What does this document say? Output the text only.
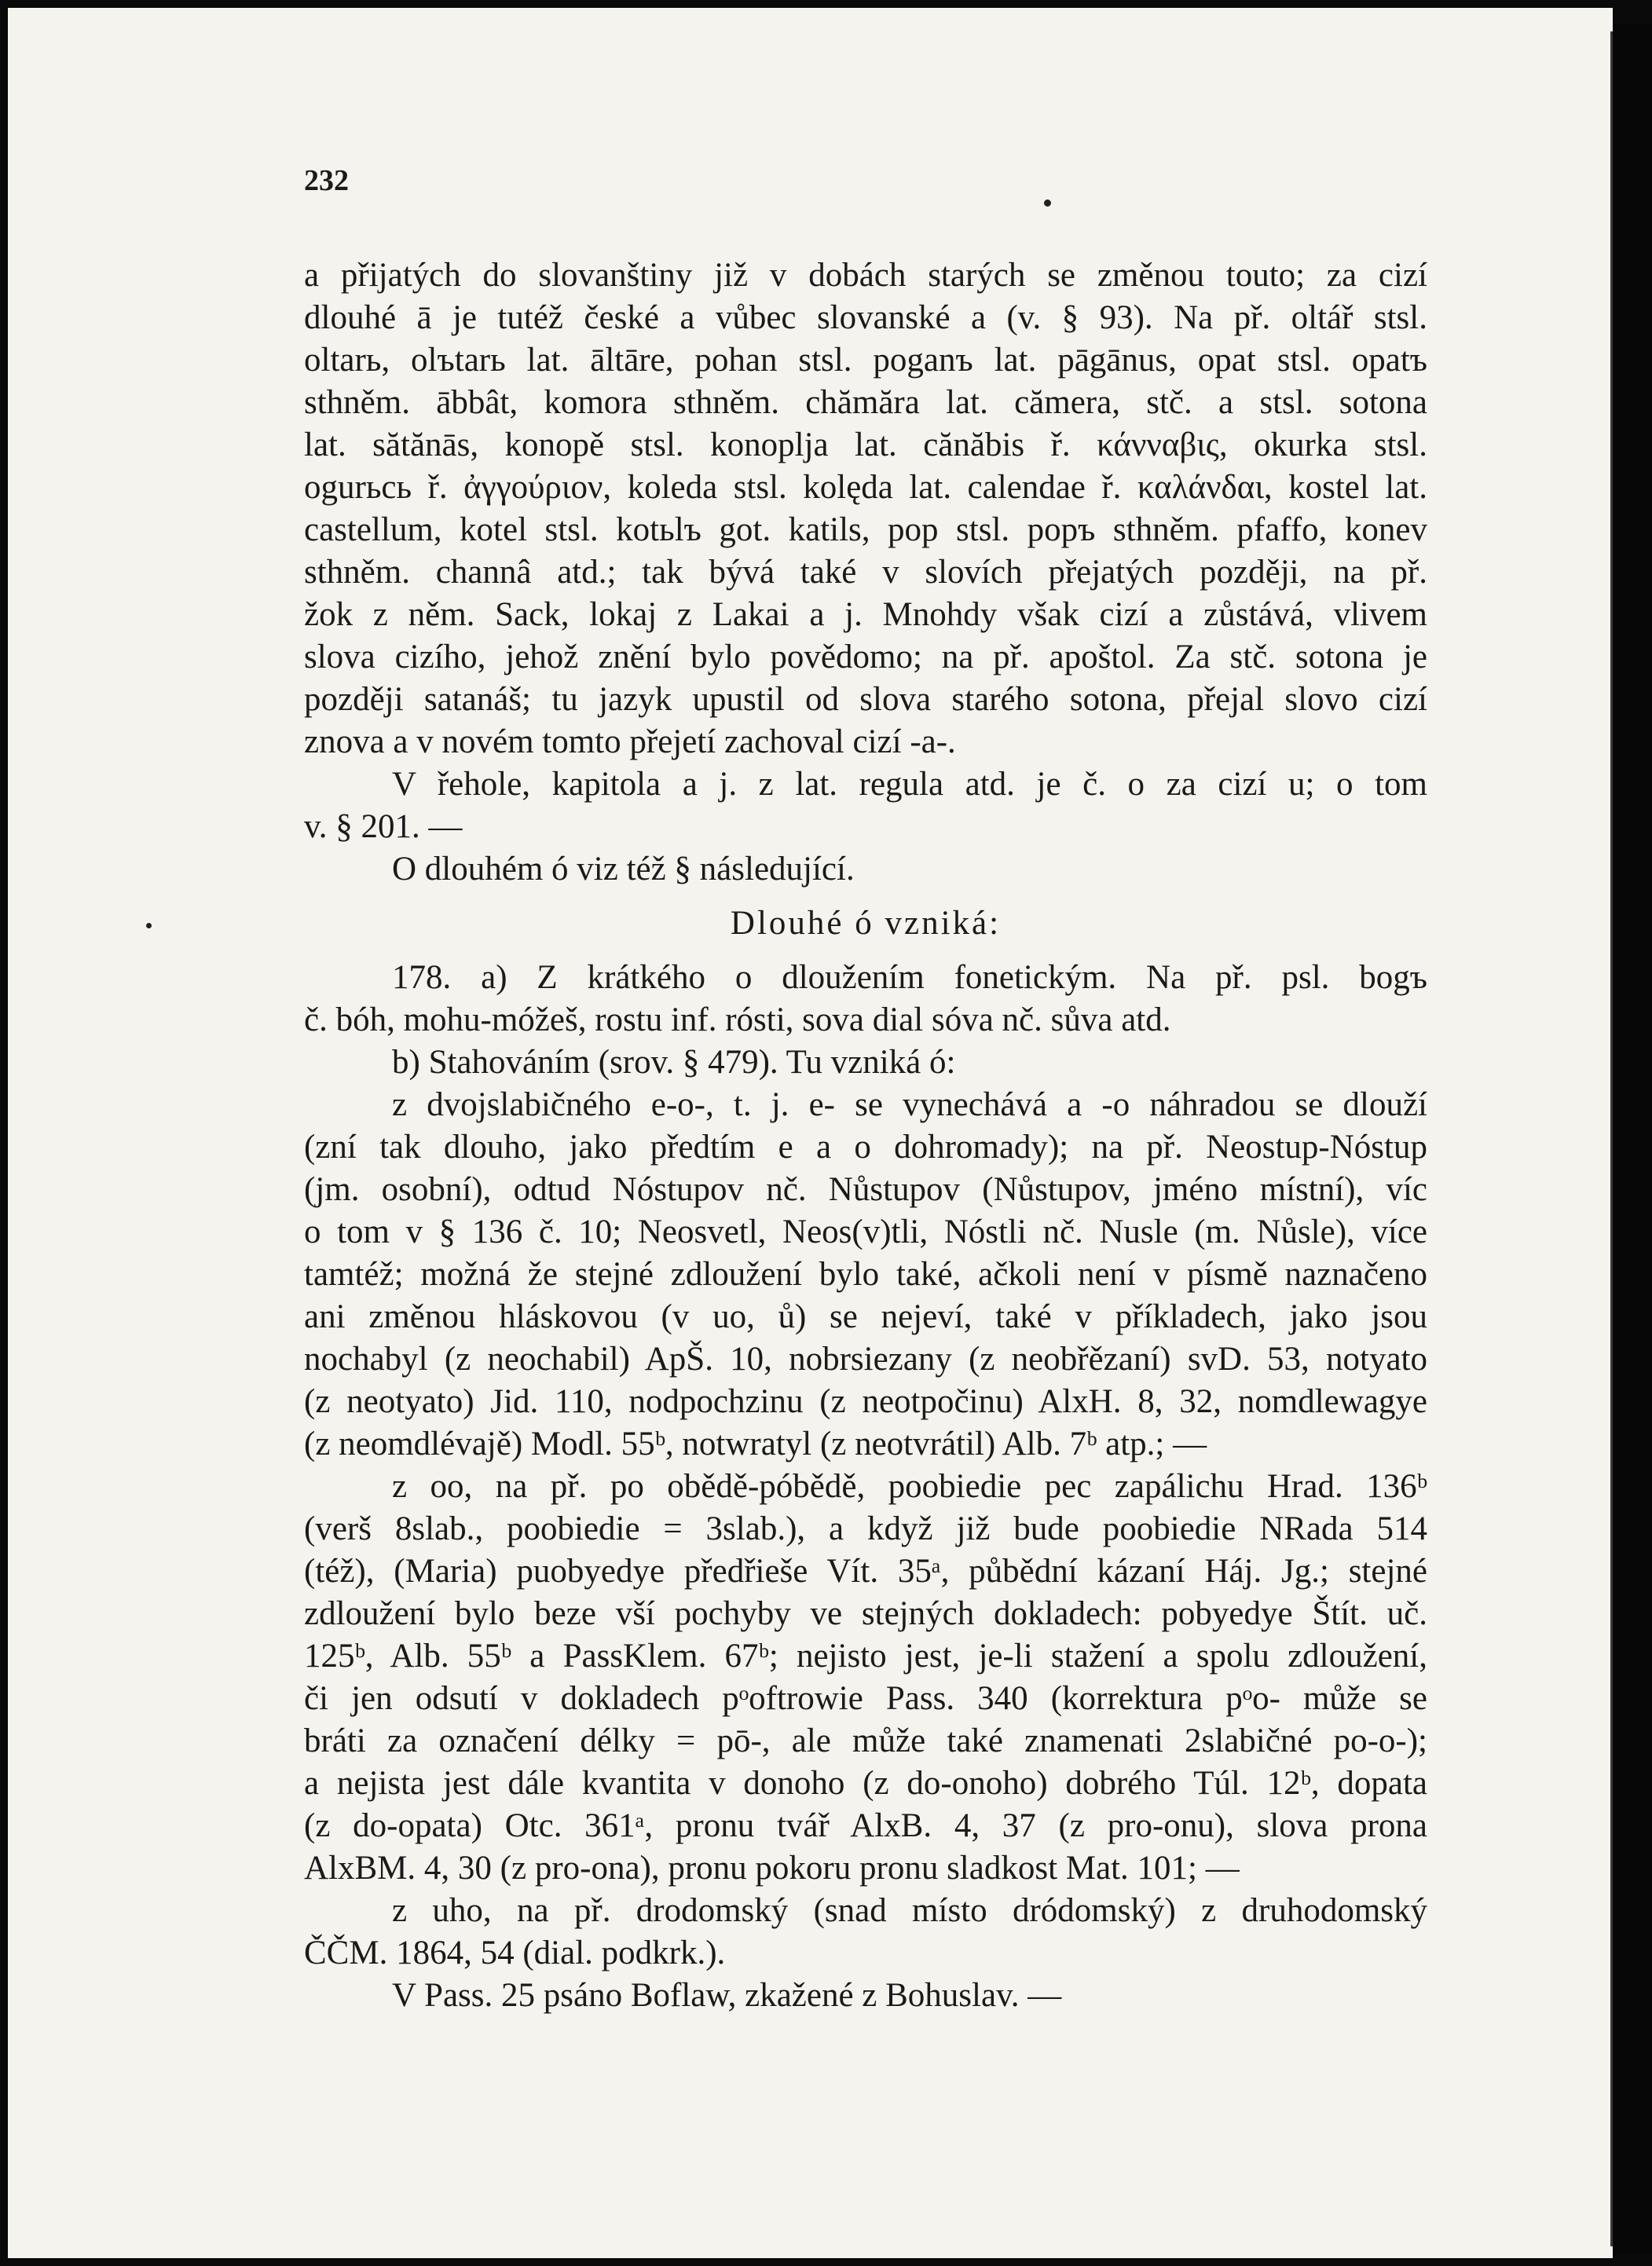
232
a přijatých do slovanštiny již v dobách starých se změnou touto; za cizí
dlouhé ā je tutéž české a vůbec slovanské a (v. § 93). Na př. oltář stsl.
oltarь, olъtarь lat. āltāre, pohan stsl. poganъ lat. pāgānus, opat stsl. opatъ
sthněm. ābbât, komora sthněm. chămăra lat. cămera, stč. a stsl. sotona
lat. sătănās, konopě stsl. konoplja lat. cănăbis ř. κάνναβις, okurka stsl.
ogurьсь ř. ἀγγούριον, koleda stsl. kolęda lat. calendae ř. καλάνδαι, kostel lat.
castellum, kotel stsl. kotьlъ got. katils, pop stsl. popъ sthněm. pfaffo, konev
sthněm. channâ atd.; tak bývá také v slovích přejatých později, na př.
žok z něm. Sack, lokaj z Lakai a j. Mnohdy však cizí a zůstává, vlivem
slova cizího, jehož znění bylo povědomo; na př. apoštol. Za stč. sotona je
později satanáš; tu jazyk upustil od slova starého sotona, přejal slovo cizí
znova a v novém tomto přejetí zachoval cizí -a-.
V řehole, kapitola a j. z lat. regula atd. je č. o za cizí u; o tom
v. § 201. —
O dlouhém ó viz též § následující.
Dlouhé ó vzniká:
178. a) Z krátkého o dloužením fonetickým. Na př. psl. bogъ
č. bóh, mohu-móžeš, rostu inf. rósti, sova dial sóva nč. sůva atd.
b) Stahováním (srov. § 479). Tu vzniká ó:
z dvojslabičného e-o-, t. j. e- se vynechává a -o náhradou se dlouží
(zní tak dlouho, jako předtím e a o dohromady); na př. Neostup-Nóstup
(jm. osobní), odtud Nóstupov nč. Nůstupov (Nůstupov, jméno místní), víc
o tom v § 136 č. 10; Neosvetl, Neos(v)tli, Nóstli nč. Nusle (m. Nůsle), více
tamtéž; možná že stejné zdloužení bylo také, ačkoli není v písmě naznačeno
ani změnou hláskovou (v uo, ů) se nejeví, také v příkladech, jako jsou
nochabyl (z neochabil) ApŠ. 10, nobrsiezany (z neobřězaní) svD. 53, notyato
(z neotyato) Jid. 110, nodpochzinu (z neotpočinu) AlxH. 8, 32, nomdlewagye
(z neomdlévajě) Modl. 55ᵇ, notwratyl (z neotvrátil) Alb. 7ᵇ atp.; —
z oo, na př. po obědě-póbědě, poobiedie pec zapálichu Hrad. 136ᵇ
(verš 8slab., poobiedie = 3slab.), a když již bude poobiedie NRada 514
(též), (Maria) puobyedye předřieše Vít. 35ᵃ, půbědní kázaní Háj. Jg.; stejné
zdloužení bylo beze vší pochyby ve stejných dokladech: pobyedye Štít. uč.
125ᵇ, Alb. 55ᵇ a PassKlem. 67ᵇ; nejisto jest, je-li stažení a spolu zdloužení,
či jen odsutí v dokladech pᵒoftrowie Pass. 340 (korrektura pᵒo- může se
bráti za označení délky = pō-, ale může také znamenati 2slabičné po-o-);
a nejista jest dále kvantita v donoho (z do-onoho) dobrého Túl. 12ᵇ, dopata
(z do-opata) Otc. 361ᵃ, pronu tvář AlxB. 4, 37 (z pro-onu), slova prona
AlxBM. 4, 30 (z pro-ona), pronu pokoru pronu sladkost Mat. 101; —
z uho, na př. drodomský (snad místo dródomský) z druhodomský
ČČM. 1864, 54 (dial. podkrk.).
V Pass. 25 psáno Boflaw, zkažené z Bohuslav. —
